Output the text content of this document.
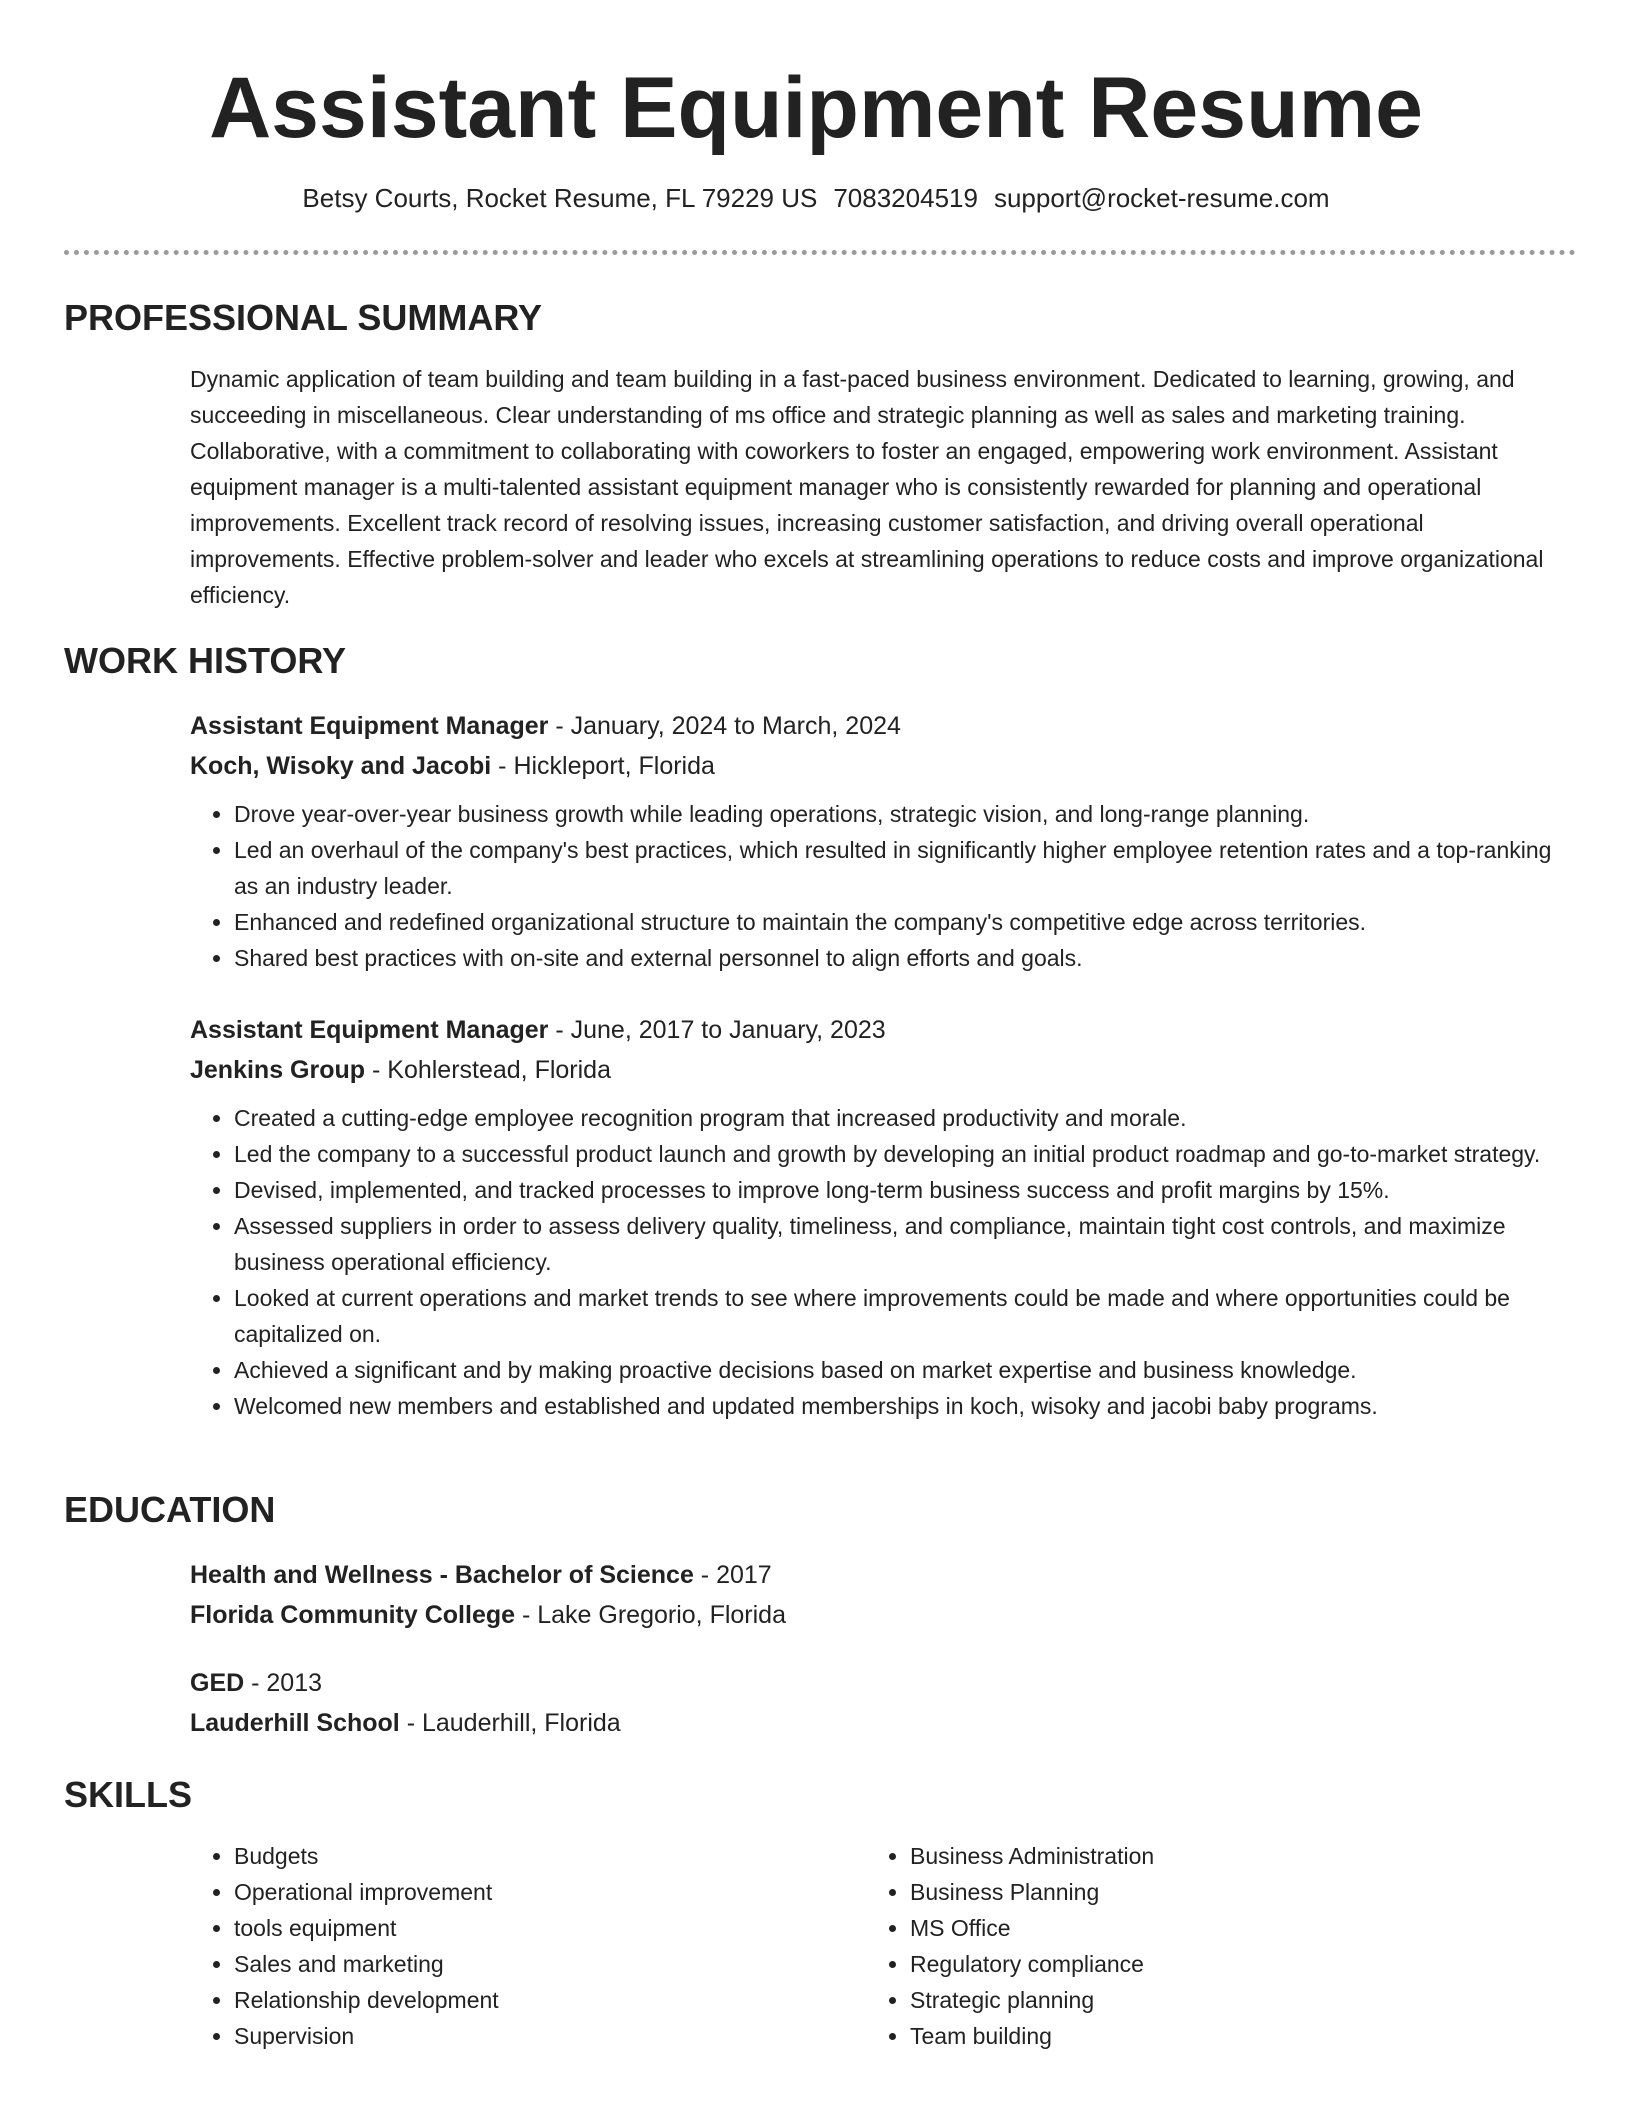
Assistant Equipment Resume
Betsy Courts, Rocket Resume, FL 79229 US 7083204519 support@rocket-resume.com
PROFESSIONAL SUMMARY

Dynamic application of team building and team building in a fast-paced business environment. Dedicated to learning, growing, and succeeding in miscellaneous. Clear understanding of ms office and strategic planning as well as sales and marketing training. Collaborative, with a commitment to collaborating with coworkers to foster an engaged, empowering work environment. Assistant equipment manager is a multi-talented assistant equipment manager who is consistently rewarded for planning and operational improvements. Excellent track record of resolving issues, increasing customer satisfaction, and driving overall operational improvements. Effective problem-solver and leader who excels at streamlining operations to reduce costs and improve organizational efficiency.

WORK HISTORY

Assistant Equipment Manager - January, 2024 to March, 2024

Koch, Wisoky and Jacobi - Hickleport, Florida

• Drove year-over-year business growth while leading operations, strategic vision, and long-range planning.
• Led an overhaul of the company's best practices, which resulted in significantly higher employee retention rates and a top-ranking as an industry leader.
• Enhanced and redefined organizational structure to maintain the company's competitive edge across territories.
• Shared best practices with on-site and external personnel to align efforts and goals.

Assistant Equipment Manager - June, 2017 to January, 2023

Jenkins Group - Kohlerstead, Florida

• Created a cutting-edge employee recognition program that increased productivity and morale.
• Led the company to a successful product launch and growth by developing an initial product roadmap and go-to-market strategy.
• Devised, implemented, and tracked processes to improve long-term business success and profit margins by 15%.
• Assessed suppliers in order to assess delivery quality, timeliness, and compliance, maintain tight cost controls, and maximize business operational efficiency.
• Looked at current operations and market trends to see where improvements could be made and where opportunities could be capitalized on.
• Achieved a significant and by making proactive decisions based on market expertise and business knowledge.
• Welcomed new members and established and updated memberships in koch, wisoky and jacobi baby programs.
EDUCATION

Health and Wellness - Bachelor of Science - 2017

Florida Community College - Lake Gregorio, Florida

GED - 2013

Lauderhill School - Lauderhill, Florida

SKILLS
• Budgets
• Operational improvement
• tools equipment
• Sales and marketing
• Relationship development
• Supervision
• Business Administration
• Business Planning
• MS Office
• Regulatory compliance
• Strategic planning
• Team building
